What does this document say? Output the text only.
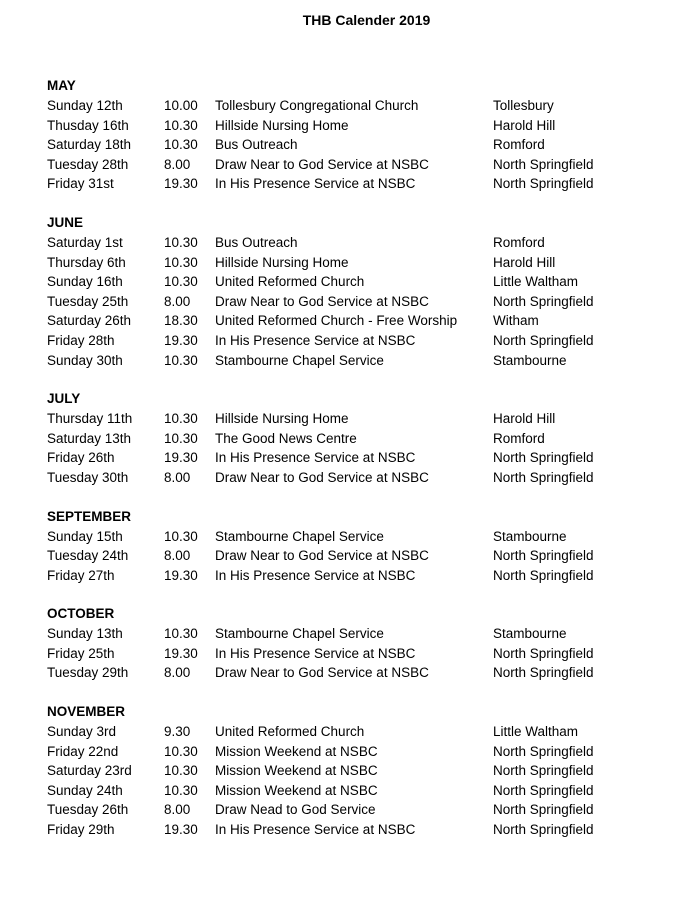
THB Calender 2019
MAY
Sunday 12th	10.00 Tollesbury Congregational Church	Tollesbury
Thusday 16th	10.30 Hillside Nursing Home	Harold Hill
Saturday 18th 10.30 Bus Outreach	Romford
Tuesday 28th	8.00 Draw Near to God Service at NSBC	North Springfield
Friday 31st	19.30 In His Presence Service at NSBC	North Springfield
JUNE
Saturday 1st	10.30 Bus Outreach	Romford
Thursday 6th	10.30 Hillside Nursing Home	Harold Hill
Sunday 16th	10.30 United Reformed Church	Little Waltham
Tuesday 25th	8.00 Draw Near to God Service at NSBC	North Springfield
Saturday 26th 18.30 United Reformed Church - Free Worship	Witham
Friday 28th	19.30 In His Presence Service at NSBC	North Springfield
Sunday 30th	10.30 Stambourne Chapel Service	Stambourne
JULY
Thursday 11th 10.30 Hillside Nursing Home	Harold Hill
Saturday 13th 10.30 The Good News Centre	Romford
Friday 26th	19.30 In His Presence Service at NSBC	North Springfield
Tuesday 30th	8.00 Draw Near to God Service at NSBC	North Springfield
SEPTEMBER
Sunday 15th	10.30 Stambourne Chapel Service	Stambourne
Tuesday 24th	8.00 Draw Near to God Service at NSBC	North Springfield
Friday 27th	19.30 In His Presence Service at NSBC	North Springfield
OCTOBER
Sunday 13th	10.30 Stambourne Chapel Service	Stambourne
Friday 25th	19.30 In His Presence Service at NSBC	North Springfield
Tuesday 29th	8.00 Draw Near to God Service at NSBC	North Springfield
NOVEMBER
Sunday 3rd	9.30 United Reformed Church	Little Waltham
Friday 22nd	10.30 Mission Weekend at NSBC	North Springfield
Saturday 23rd 10.30 Mission Weekend at NSBC	North Springfield
Sunday 24th	10.30 Mission Weekend at NSBC	North Springfield
Tuesday 26th	8.00 Draw Nead to God Service	North Springfield
Friday 29th	19.30 In His Presence Service at NSBC	North Springfield
